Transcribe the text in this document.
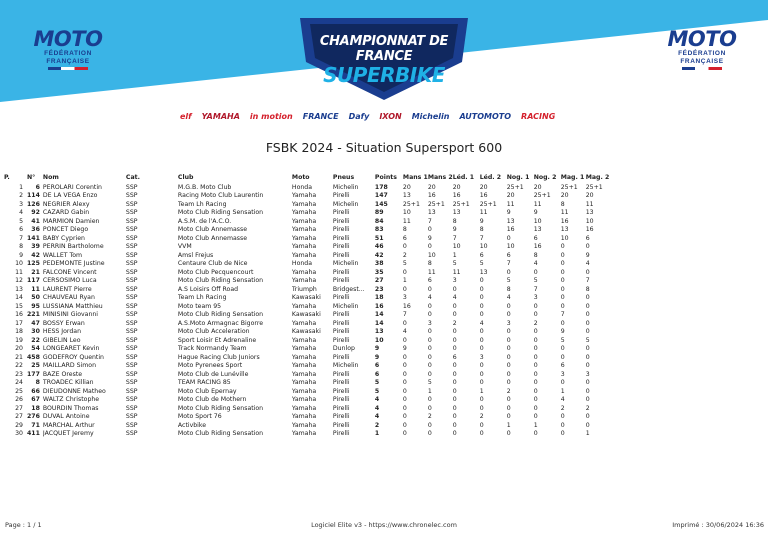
MOTO
FÉDÉRATION
FRANÇAISE
CHAMPIONNAT DE FRANCE
SUPERBIKE
MOTO
FÉDÉRATION
FRANÇAISE
elf YAMAHA in motion FRANCE Dafy IXON Michelin AUTOMOTO RACING
FSBK 2024 - Situation Supersport 600
P.	N°	Nom	Cat.	Club	Moto	Pneus	Points	Mans 1	Mans 2	Léd. 1	Léd. 2	Nog. 1	Nog. 2	Mag. 1	Mag. 2
1	6	PEROLARI Corentin	SSP	M.G.B. Moto Club	Honda	Michelin	178	20	20	20	20	25+1	20	25+1	25+1
2	114	DE LA VEGA Enzo	SSP	Racing Moto Club Laurentin	Yamaha	Pirelli	147	13	16	16	16	20	25+1	20	20
3	126	NEGRIER Alexy	SSP	Team Lh Racing	Yamaha	Michelin	145	25+1	25+1	25+1	25+1	11	11	8	11
4	92	CAZARD Gabin	SSP	Moto Club Riding Sensation	Yamaha	Pirelli	89	10	13	13	11	9	9	11	13
5	41	MARMION Damien	SSP	A.S.M. de l'A.C.O.	Yamaha	Pirelli	84	11	7	8	9	13	10	16	10
6	36	PONCET Diego	SSP	Moto Club Annemasse	Yamaha	Pirelli	83	8	0	9	8	16	13	13	16
7	141	BABY Cyprien	SSP	Moto Club Annemasse	Yamaha	Pirelli	51	6	9	7	7	0	6	10	6
8	39	PERRIN Bartholome	SSP	VVM	Yamaha	Pirelli	46	0	0	10	10	10	16	0	0
9	42	WALLET Tom	SSP	Amsl Frejus	Yamaha	Pirelli	42	2	10	1	6	6	8	0	9
10	125	PEDEMONTE Justine	SSP	Centaure Club de Nice	Honda	Michelin	38	5	8	5	5	7	4	0	4
11	21	FALCONE Vincent	SSP	Moto Club Pecquencourt	Yamaha	Pirelli	35	0	11	11	13	0	0	0	0
12	117	CERSOSIMO Luca	SSP	Moto Club Riding Sensation	Yamaha	Pirelli	27	1	6	3	0	5	5	0	7
13	11	LAURENT Pierre	SSP	A.S Loisirs Off Road	Triumph	Bridgest...	23	0	0	0	0	8	7	0	8
14	50	CHAUVEAU Ryan	SSP	Team Lh Racing	Kawasaki	Pirelli	18	3	4	4	0	4	3	0	0
15	95	LUSSIANA Matthieu	SSP	Moto team 95	Yamaha	Michelin	16	16	0	0	0	0	0	0	0
16	221	MINISINI Giovanni	SSP	Moto Club Riding Sensation	Kawasaki	Pirelli	14	7	0	0	0	0	0	7	0
17	47	BOSSY Erwan	SSP	A.S.Moto Armagnac Bigorre	Yamaha	Pirelli	14	0	3	2	4	3	2	0	0
18	30	HESS Jordan	SSP	Moto Club Acceleration	Kawasaki	Pirelli	13	4	0	0	0	0	0	9	0
19	22	GIBELIN Leo	SSP	Sport Loisir Et Adrenaline	Yamaha	Pirelli	10	0	0	0	0	0	0	5	5
20	54	LONGEARET Kevin	SSP	Track Normandy Team	Yamaha	Dunlop	9	9	0	0	0	0	0	0	0
21	458	GODEFROY Quentin	SSP	Hague Racing Club Juniors	Yamaha	Pirelli	9	0	0	6	3	0	0	0	0
22	25	MAILLARD Simon	SSP	Moto Pyrenees Sport	Yamaha	Michelin	6	0	0	0	0	0	0	6	0
23	177	BAZE Oreste	SSP	Moto Club de Lunéville	Yamaha	Pirelli	6	0	0	0	0	0	0	3	3
24	8	TROADEC Killian	SSP	TEAM RACING 85	Yamaha	Pirelli	5	0	5	0	0	0	0	0	0
25	66	DIEUDONNE Matheo	SSP	Moto Club Epernay	Yamaha	Pirelli	5	0	1	0	1	2	0	1	0
26	67	WALTZ Christophe	SSP	Moto Club de Mothern	Yamaha	Pirelli	4	0	0	0	0	0	0	4	0
27	18	BOURDIN Thomas	SSP	Moto Club Riding Sensation	Yamaha	Pirelli	4	0	0	0	0	0	0	2	2
27	276	DUVAL Antoine	SSP	Moto Sport 76	Yamaha	Pirelli	4	0	2	0	2	0	0	0	0
29	71	MARCHAL Arthur	SSP	Activbike	Yamaha	Pirelli	2	0	0	0	0	1	1	0	0
30	411	JACQUET Jeremy	SSP	Moto Club Riding Sensation	Yamaha	Pirelli	1	0	0	0	0	0	0	0	1
Page : 1 / 1	Logiciel Elite v3 - https://www.chronelec.com	Imprimé : 30/06/2024 16:36
